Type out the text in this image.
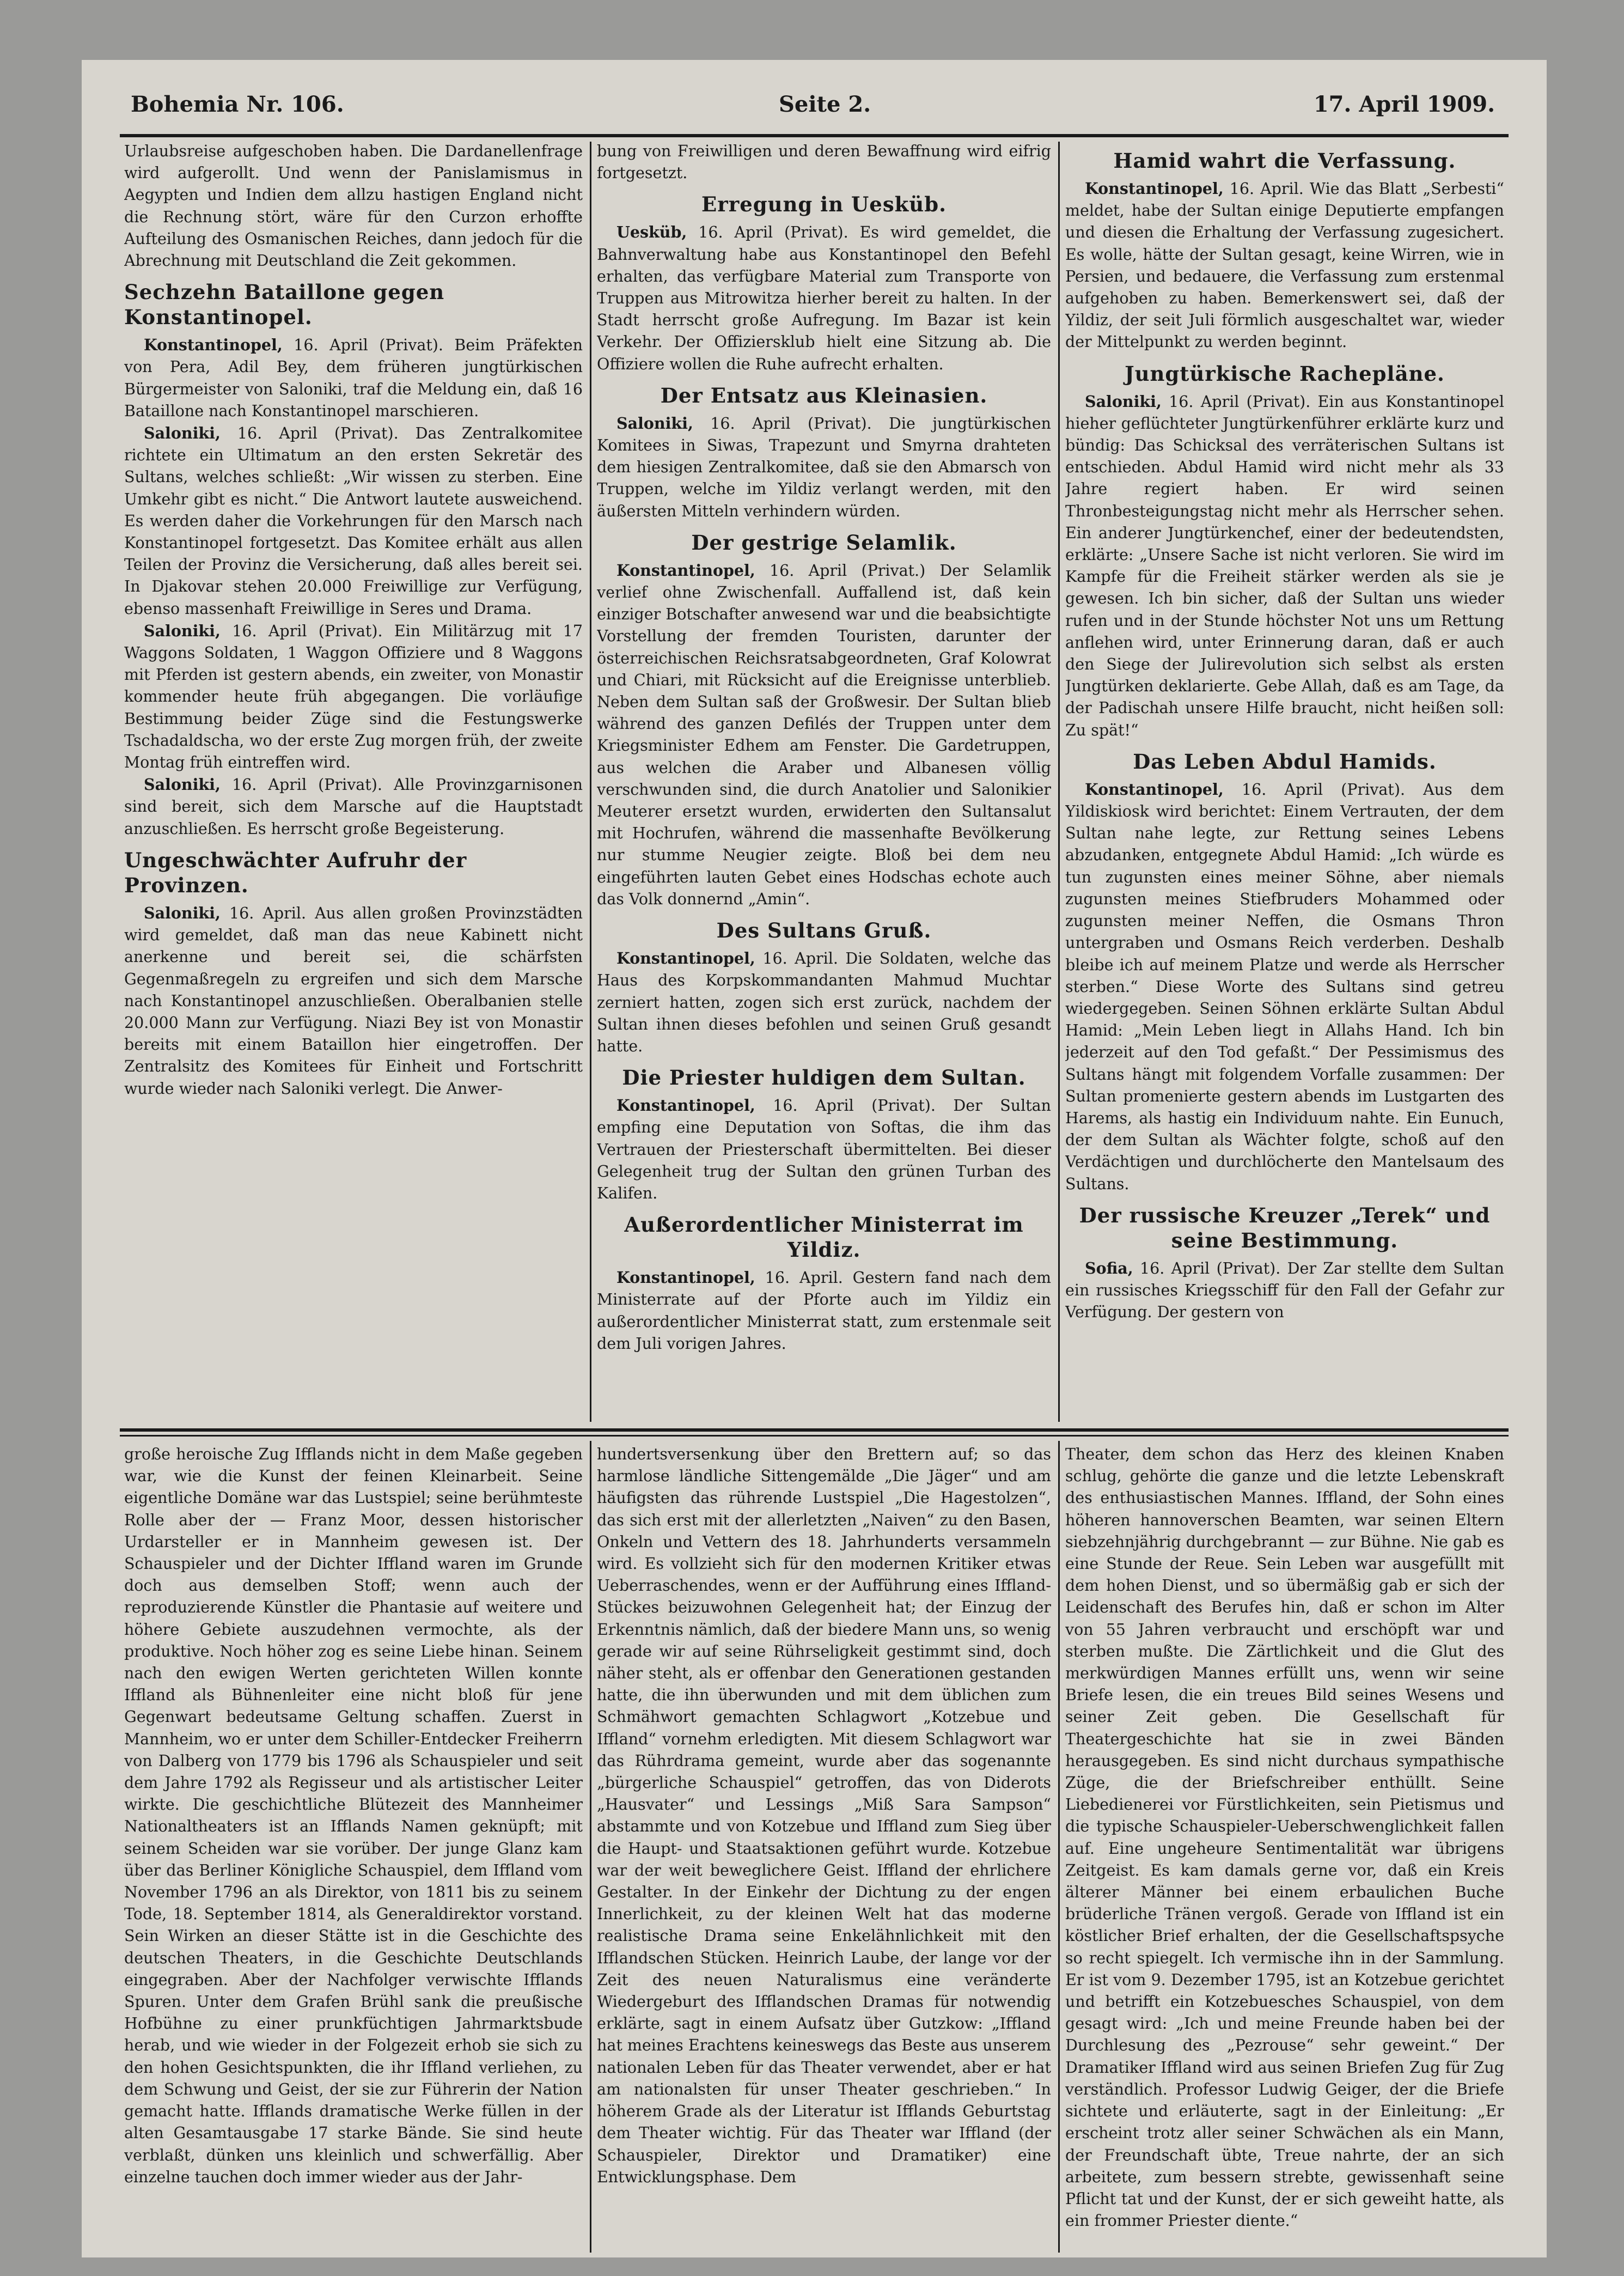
Bohemia Nr. 106.	Seite 2.	17. April 1909.

Urlaubsreise aufgeschoben haben. Die Dardanellenfrage wird aufgerollt. Und wenn der Panislamismus in Aegypten und Indien dem allzu hastigen England nicht die Rechnung stört, wäre für den Curzon erhoffte Aufteilung des Osmanischen Reiches, dann jedoch für die Abrechnung mit Deutschland die Zeit gekommen.

Sechzehn Bataillone gegen Konstantinopel.

Konstantinopel, 16. April (Privat). Beim Präfekten von Pera, Adil Bey, dem früheren jungtürkischen Bürgermeister von Saloniki, traf die Meldung ein, daß 16 Bataillone nach Konstantinopel marschieren.

Saloniki, 16. April (Privat). Das Zentralkomitee richtete ein Ultimatum an den ersten Sekretär des Sultans, welches schließt: „Wir wissen zu sterben. Eine Umkehr gibt es nicht.“ Die Antwort lautete ausweichend. Es werden daher die Vorkehrungen für den Marsch nach Konstantinopel fortgesetzt. Das Komitee erhält aus allen Teilen der Provinz die Versicherung, daß alles bereit sei. In Djakovar stehen 20.000 Freiwillige zur Verfügung, ebenso massenhaft Freiwillige in Seres und Drama.

Saloniki, 16. April (Privat). Ein Militärzug mit 17 Waggons Soldaten, 1 Waggon Offiziere und 8 Waggons mit Pferden ist gestern abends, ein zweiter, von Monastir kommender heute früh abgegangen. Die vorläufige Bestimmung beider Züge sind die Festungswerke Tschadaldscha, wo der erste Zug morgen früh, der zweite Montag früh eintreffen wird.

Saloniki, 16. April (Privat). Alle Provinzgarnisonen sind bereit, sich dem Marsche auf die Hauptstadt anzuschließen. Es herrscht große Begeisterung.

Ungeschwächter Aufruhr der Provinzen.

Saloniki, 16. April. Aus allen großen Provinzstädten wird gemeldet, daß man das neue Kabinett nicht anerkenne und bereit sei, die schärfsten Gegenmaßregeln zu ergreifen und sich dem Marsche nach Konstantinopel anzuschließen. Oberalbanien stelle 20.000 Mann zur Verfügung. Niazi Bey ist von Monastir bereits mit einem Bataillon hier eingetroffen. Der Zentralsitz des Komitees für Einheit und Fortschritt wurde wieder nach Saloniki verlegt. Die Anwer-

bung von Freiwilligen und deren Bewaffnung wird eifrig fortgesetzt.

Erregung in Uesküb.

Uesküb, 16. April (Privat). Es wird gemeldet, die Bahnverwaltung habe aus Konstantinopel den Befehl erhalten, das verfügbare Material zum Transporte von Truppen aus Mitrowitza hierher bereit zu halten. In der Stadt herrscht große Aufregung. Im Bazar ist kein Verkehr. Der Offiziersklub hielt eine Sitzung ab. Die Offiziere wollen die Ruhe aufrecht erhalten.

Der Entsatz aus Kleinasien.

Saloniki, 16. April (Privat). Die jungtürkischen Komitees in Siwas, Trapezunt und Smyrna drahteten dem hiesigen Zentralkomitee, daß sie den Abmarsch von Truppen, welche im Yildiz verlangt werden, mit den äußersten Mitteln verhindern würden.

Der gestrige Selamlik.

Konstantinopel, 16. April (Privat.) Der Selamlik verlief ohne Zwischenfall. Auffallend ist, daß kein einziger Botschafter anwesend war und die beabsichtigte Vorstellung der fremden Touristen, darunter der österreichischen Reichsratsabgeordneten, Graf Kolowrat und Chiari, mit Rücksicht auf die Ereignisse unterblieb. Neben dem Sultan saß der Großwesir. Der Sultan blieb während des ganzen Defilés der Truppen unter dem Kriegsminister Edhem am Fenster. Die Gardetruppen, aus welchen die Araber und Albanesen völlig verschwunden sind, die durch Anatolier und Salonikier Meuterer ersetzt wurden, erwiderten den Sultansalut mit Hochrufen, während die massenhafte Bevölkerung nur stumme Neugier zeigte. Bloß bei dem neu eingeführten lauten Gebet eines Hodschas echote auch das Volk donnernd „Amin“.

Des Sultans Gruß.

Konstantinopel, 16. April. Die Soldaten, welche das Haus des Korpskommandanten Mahmud Muchtar zerniert hatten, zogen sich erst zurück, nachdem der Sultan ihnen dieses befohlen und seinen Gruß gesandt hatte.

Die Priester huldigen dem Sultan.

Konstantinopel, 16. April (Privat). Der Sultan empfing eine Deputation von Softas, die ihm das Vertrauen der Priesterschaft übermittelten. Bei dieser Gelegenheit trug der Sultan den grünen Turban des Kalifen.

Außerordentlicher Ministerrat im Yildiz.

Konstantinopel, 16. April. Gestern fand nach dem Ministerrate auf der Pforte auch im Yildiz ein außerordentlicher Ministerrat statt, zum erstenmale seit dem Juli vorigen Jahres.

Hamid wahrt die Verfassung.

Konstantinopel, 16. April. Wie das Blatt „Serbesti“ meldet, habe der Sultan einige Deputierte empfangen und diesen die Erhaltung der Verfassung zugesichert. Es wolle, hätte der Sultan gesagt, keine Wirren, wie in Persien, und bedauere, die Verfassung zum erstenmal aufgehoben zu haben. Bemerkenswert sei, daß der Yildiz, der seit Juli förmlich ausgeschaltet war, wieder der Mittelpunkt zu werden beginnt.

Jungtürkische Rachepläne.

Saloniki, 16. April (Privat). Ein aus Konstantinopel hieher geflüchteter Jungtürkenführer erklärte kurz und bündig: Das Schicksal des verräterischen Sultans ist entschieden. Abdul Hamid wird nicht mehr als 33 Jahre regiert haben. Er wird seinen Thronbesteigungstag nicht mehr als Herrscher sehen. Ein anderer Jungtürkenchef, einer der bedeutendsten, erklärte: „Unsere Sache ist nicht verloren. Sie wird im Kampfe für die Freiheit stärker werden als sie je gewesen. Ich bin sicher, daß der Sultan uns wieder rufen und in der Stunde höchster Not uns um Rettung anflehen wird, unter Erinnerung daran, daß er auch den Siege der Julirevolution sich selbst als ersten Jungtürken deklarierte. Gebe Allah, daß es am Tage, da der Padischah unsere Hilfe braucht, nicht heißen soll: Zu spät!“

Das Leben Abdul Hamids.

Konstantinopel, 16. April (Privat). Aus dem Yildiskiosk wird berichtet: Einem Vertrauten, der dem Sultan nahe legte, zur Rettung seines Lebens abzudanken, entgegnete Abdul Hamid: „Ich würde es tun zugunsten eines meiner Söhne, aber niemals zugunsten meines Stiefbruders Mohammed oder zugunsten meiner Neffen, die Osmans Thron untergraben und Osmans Reich verderben. Deshalb bleibe ich auf meinem Platze und werde als Herrscher sterben.“ Diese Worte des Sultans sind getreu wiedergegeben. Seinen Söhnen erklärte Sultan Abdul Hamid: „Mein Leben liegt in Allahs Hand. Ich bin jederzeit auf den Tod gefaßt.“ Der Pessimismus des Sultans hängt mit folgendem Vorfalle zusammen: Der Sultan promenierte gestern abends im Lustgarten des Harems, als hastig ein Individuum nahte. Ein Eunuch, der dem Sultan als Wächter folgte, schoß auf den Verdächtigen und durchlöcherte den Mantelsaum des Sultans.

Der russische Kreuzer „Terek“ und seine Bestimmung.

Sofia, 16. April (Privat). Der Zar stellte dem Sultan ein russisches Kriegsschiff für den Fall der Gefahr zur Verfügung. Der gestern von

große heroische Zug Ifflands nicht in dem Maße gegeben war, wie die Kunst der feinen Kleinarbeit. Seine eigentliche Domäne war das Lustspiel; seine berühmteste Rolle aber der — Franz Moor, dessen historischer Urdarsteller er in Mannheim gewesen ist. Der Schauspieler und der Dichter Iffland waren im Grunde doch aus demselben Stoff; wenn auch der reproduzierende Künstler die Phantasie auf weitere und höhere Gebiete auszudehnen vermochte, als der produktive. Noch höher zog es seine Liebe hinan. Seinem nach den ewigen Werten gerichteten Willen konnte Iffland als Bühnenleiter eine nicht bloß für jene Gegenwart bedeutsame Geltung schaffen. Zuerst in Mannheim, wo er unter dem Schiller-Entdecker Freiherrn von Dalberg von 1779 bis 1796 als Schauspieler und seit dem Jahre 1792 als Regisseur und als artistischer Leiter wirkte. Die geschichtliche Blütezeit des Mannheimer Nationaltheaters ist an Ifflands Namen geknüpft; mit seinem Scheiden war sie vorüber. Der junge Glanz kam über das Berliner Königliche Schauspiel, dem Iffland vom November 1796 an als Direktor, von 1811 bis zu seinem Tode, 18. September 1814, als Generaldirektor vorstand. Sein Wirken an dieser Stätte ist in die Geschichte des deutschen Theaters, in die Geschichte Deutschlands eingegraben. Aber der Nachfolger verwischte Ifflands Spuren. Unter dem Grafen Brühl sank die preußische Hofbühne zu einer prunkfüchtigen Jahrmarktsbude herab, und wie wieder in der Folgezeit erhob sie sich zu den hohen Gesichtspunkten, die ihr Iffland verliehen, zu dem Schwung und Geist, der sie zur Führerin der Nation gemacht hatte. Ifflands dramatische Werke füllen in der alten Gesamtausgabe 17 starke Bände. Sie sind heute verblaßt, dünken uns kleinlich und schwerfällig. Aber einzelne tauchen doch immer wieder aus der Jahr-

hundertsversenkung über den Brettern auf; so das harmlose ländliche Sittengemälde „Die Jäger“ und am häufigsten das rührende Lustspiel „Die Hagestolzen“, das sich erst mit der allerletzten „Naiven“ zu den Basen, Onkeln und Vettern des 18. Jahrhunderts versammeln wird. Es vollzieht sich für den modernen Kritiker etwas Ueberraschendes, wenn er der Aufführung eines Iffland-Stückes beizuwohnen Gelegenheit hat; der Einzug der Erkenntnis nämlich, daß der biedere Mann uns, so wenig gerade wir auf seine Rührseligkeit gestimmt sind, doch näher steht, als er offenbar den Generationen gestanden hatte, die ihn überwunden und mit dem üblichen zum Schmähwort gemachten Schlagwort „Kotzebue und Iffland“ vornehm erledigten. Mit diesem Schlagwort war das Rührdrama gemeint, wurde aber das sogenannte „bürgerliche Schauspiel“ getroffen, das von Diderots „Hausvater“ und Lessings „Miß Sara Sampson“ abstammte und von Kotzebue und Iffland zum Sieg über die Haupt- und Staatsaktionen geführt wurde. Kotzebue war der weit beweglichere Geist. Iffland der ehrlichere Gestalter. In der Einkehr der Dichtung zu der engen Innerlichkeit, zu der kleinen Welt hat das moderne realistische Drama seine Enkelähnlichkeit mit den Ifflandschen Stücken. Heinrich Laube, der lange vor der Zeit des neuen Naturalismus eine veränderte Wiedergeburt des Ifflandschen Dramas für notwendig erklärte, sagt in einem Aufsatz über Gutzkow: „Iffland hat meines Erachtens keineswegs das Beste aus unserem nationalen Leben für das Theater verwendet, aber er hat am nationalsten für unser Theater geschrieben.“ In höherem Grade als der Literatur ist Ifflands Geburtstag dem Theater wichtig. Für das Theater war Iffland (der Schauspieler, Direktor und Dramatiker) eine Entwicklungsphase. Dem

Theater, dem schon das Herz des kleinen Knaben schlug, gehörte die ganze und die letzte Lebenskraft des enthusiastischen Mannes. Iffland, der Sohn eines höheren hannoverschen Beamten, war seinen Eltern siebzehnjährig durchgebrannt — zur Bühne. Nie gab es eine Stunde der Reue. Sein Leben war ausgefüllt mit dem hohen Dienst, und so übermäßig gab er sich der Leidenschaft des Berufes hin, daß er schon im Alter von 55 Jahren verbraucht und erschöpft war und sterben mußte. Die Zärtlichkeit und die Glut des merkwürdigen Mannes erfüllt uns, wenn wir seine Briefe lesen, die ein treues Bild seines Wesens und seiner Zeit geben. Die Gesellschaft für Theatergeschichte hat sie in zwei Bänden herausgegeben. Es sind nicht durchaus sympathische Züge, die der Briefschreiber enthüllt. Seine Liebedienerei vor Fürstlichkeiten, sein Pietismus und die typische Schauspieler-Ueberschwenglichkeit fallen auf. Eine ungeheure Sentimentalität war übrigens Zeitgeist. Es kam damals gerne vor, daß ein Kreis älterer Männer bei einem erbaulichen Buche brüderliche Tränen vergoß. Gerade von Iffland ist ein köstlicher Brief erhalten, der die Gesellschaftspsyche so recht spiegelt. Ich vermische ihn in der Sammlung. Er ist vom 9. Dezember 1795, ist an Kotzebue gerichtet und betrifft ein Kotzebuesches Schauspiel, von dem gesagt wird: „Ich und meine Freunde haben bei der Durchlesung des „Pezrouse“ sehr geweint.“ Der Dramatiker Iffland wird aus seinen Briefen Zug für Zug verständlich. Professor Ludwig Geiger, der die Briefe sichtete und erläuterte, sagt in der Einleitung: „Er erscheint trotz aller seiner Schwächen als ein Mann, der Freundschaft übte, Treue nahrte, der an sich arbeitete, zum bessern strebte, gewissenhaft seine Pflicht tat und der Kunst, der er sich geweiht hatte, als ein frommer Priester diente.“
